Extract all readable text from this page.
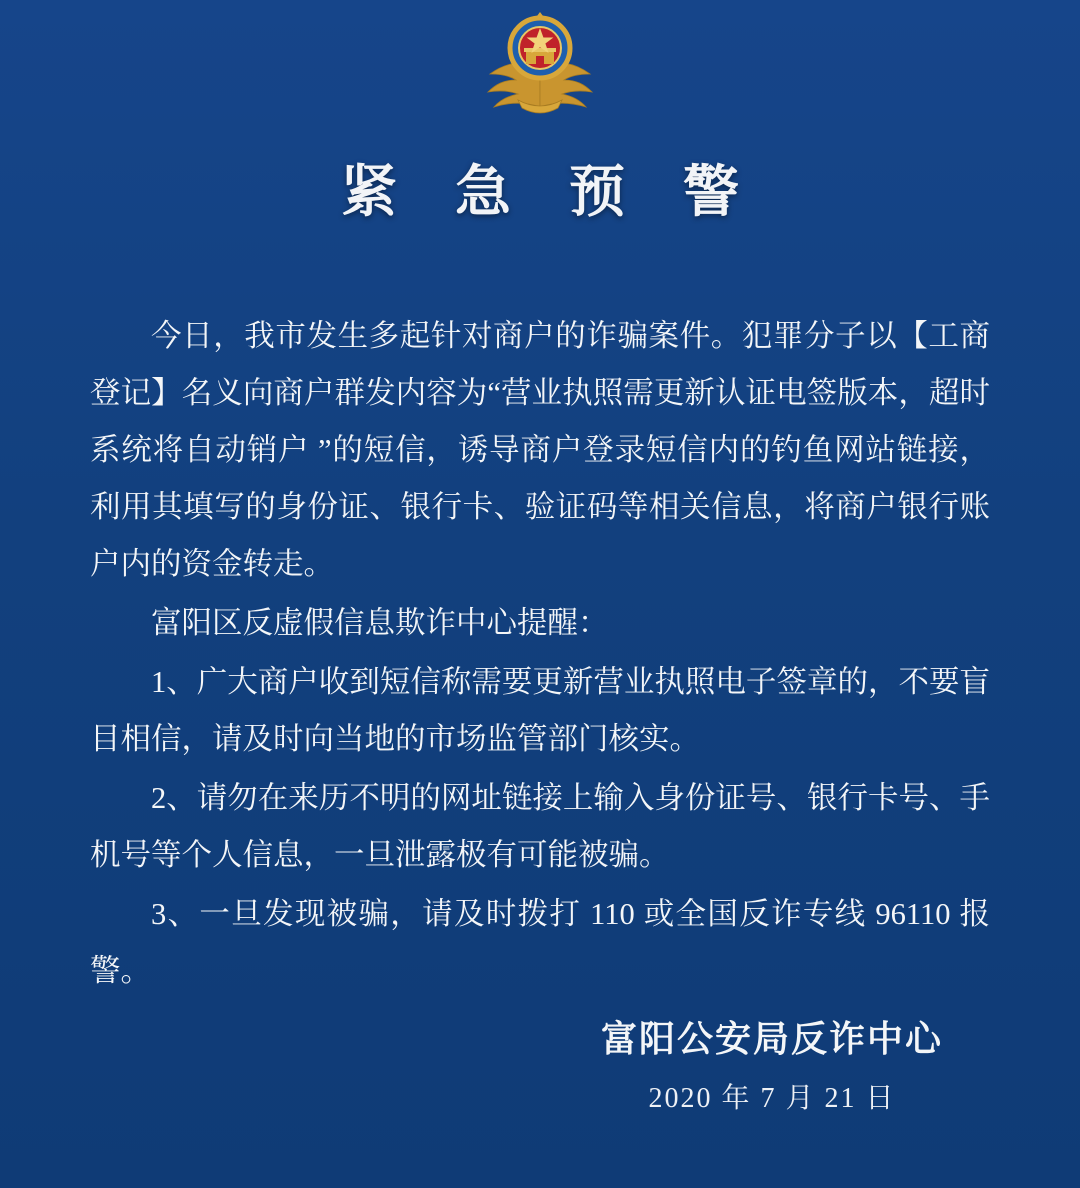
紧 急 预 警

今日，我市发生多起针对商户的诈骗案件。犯罪分子以【工商登记】名义向商户群发内容为“营业执照需更新认证电签版本，超时系统将自动销户 ”的短信，诱导商户登录短信内的钓鱼网站链接，利用其填写的身份证、银行卡、验证码等相关信息，将商户银行账户内的资金转走。

富阳区反虚假信息欺诈中心提醒：

1、广大商户收到短信称需要更新营业执照电子签章的，不要盲目相信，请及时向当地的市场监管部门核实。

2、请勿在来历不明的网址链接上输入身份证号、银行卡号、手机号等个人信息，一旦泄露极有可能被骗。

3、一旦发现被骗，请及时拨打 110 或全国反诈专线 96110 报警。

富阳公安局反诈中心
2020 年 7 月 21 日
